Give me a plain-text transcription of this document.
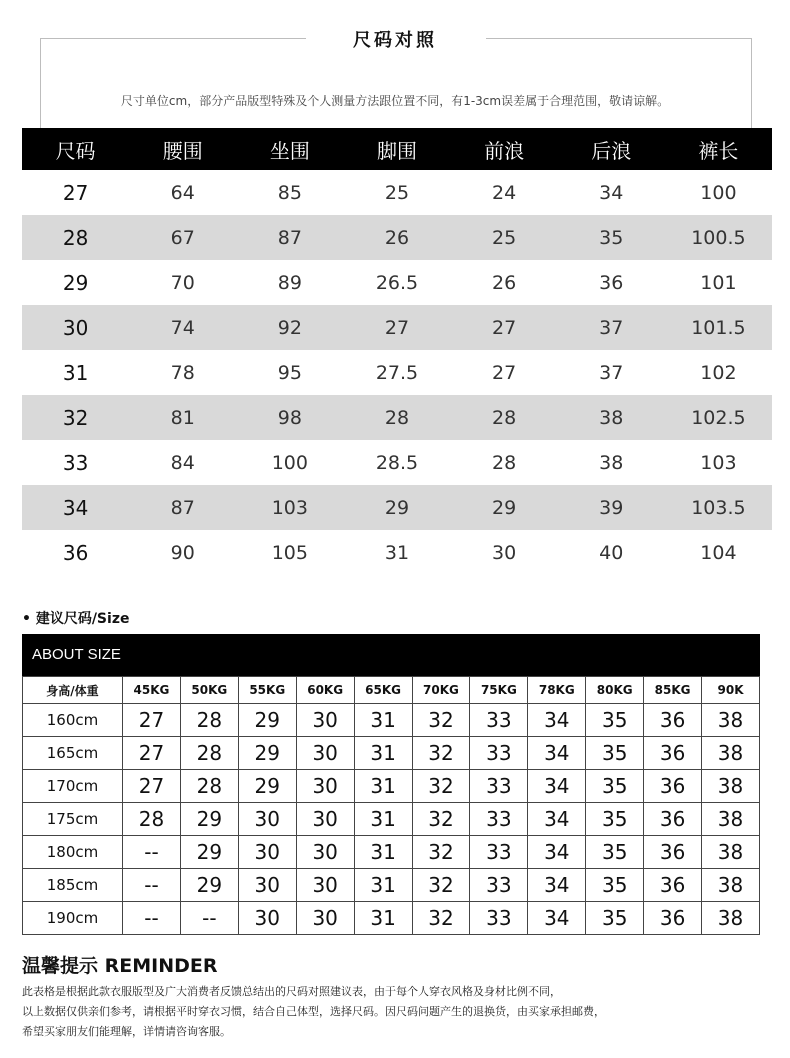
尺码对照
尺寸单位cm，部分产品版型特殊及个人测量方法跟位置不同，有1-3cm误差属于合理范围，敬请谅解。
尺码	腰围	坐围	脚围	前浪	后浪	裤长
27	64	85	25	24	34	100
28	67	87	26	25	35	100.5
29	70	89	26.5	26	36	101
30	74	92	27	27	37	101.5
31	78	95	27.5	27	37	102
32	81	98	28	28	38	102.5
33	84	100	28.5	28	38	103
34	87	103	29	29	39	103.5
36	90	105	31	30	40	104
• 建议尺码/Size
ABOUT SIZE
身高/体重	45KG	50KG	55KG	60KG	65KG	70KG	75KG	78KG	80KG	85KG	90K
160cm	27	28	29	30	31	32	33	34	35	36	38
165cm	27	28	29	30	31	32	33	34	35	36	38
170cm	27	28	29	30	31	32	33	34	35	36	38
175cm	28	29	30	30	31	32	33	34	35	36	38
180cm	--	29	30	30	31	32	33	34	35	36	38
185cm	--	29	30	30	31	32	33	34	35	36	38
190cm	--	--	30	30	31	32	33	34	35	36	38
温馨提示 REMINDER
此表格是根据此款衣服版型及广大消费者反馈总结出的尺码对照建议表，由于每个人穿衣风格及身材比例不同，
以上数据仅供亲们参考，请根据平时穿衣习惯，结合自己体型，选择尺码。因尺码问题产生的退换货，由买家承担邮费，
希望买家朋友们能理解，详情请咨询客服。
